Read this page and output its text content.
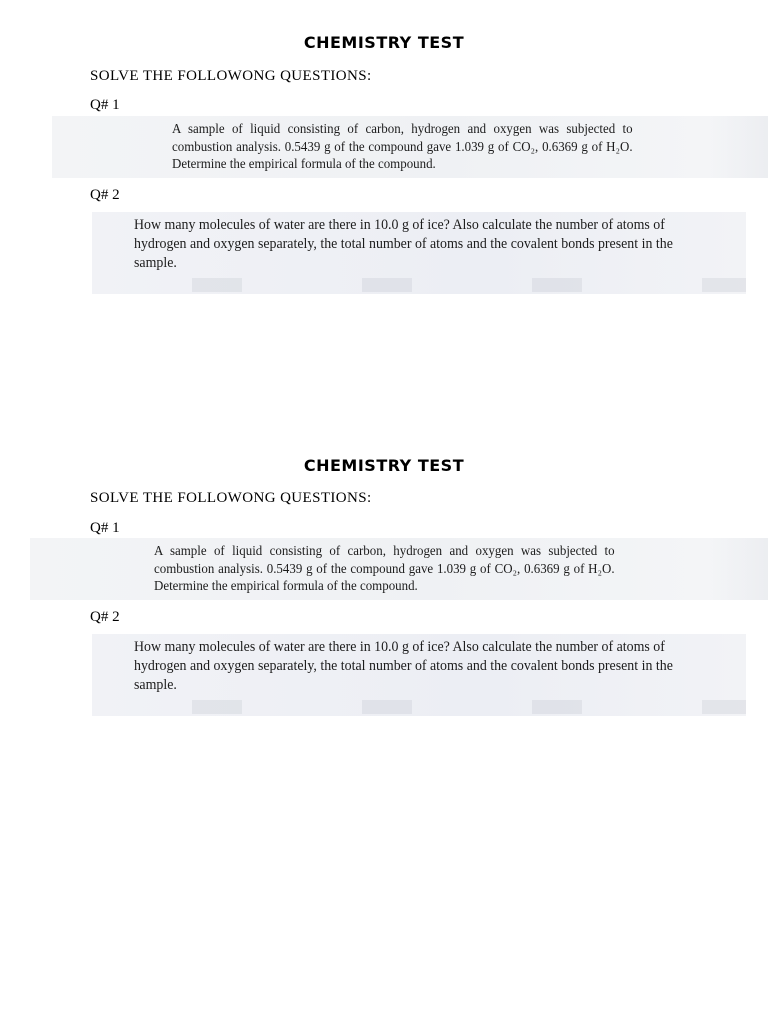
CHEMISTRY TEST
SOLVE THE FOLLOWONG QUESTIONS:
Q# 1
A sample of liquid consisting of carbon, hydrogen and oxygen was subjected to combustion analysis. 0.5439 g of the compound gave 1.039 g of CO₂, 0.6369 g of H₂O. Determine the empirical formula of the compound.
Q# 2
How many molecules of water are there in 10.0 g of ice? Also calculate the number of atoms of hydrogen and oxygen separately, the total number of atoms and the covalent bonds present in the sample.
CHEMISTRY TEST
SOLVE THE FOLLOWONG QUESTIONS:
Q# 1
A sample of liquid consisting of carbon, hydrogen and oxygen was subjected to combustion analysis. 0.5439 g of the compound gave 1.039 g of CO₂, 0.6369 g of H₂O. Determine the empirical formula of the compound.
Q# 2
How many molecules of water are there in 10.0 g of ice? Also calculate the number of atoms of hydrogen and oxygen separately, the total number of atoms and the covalent bonds present in the sample.
